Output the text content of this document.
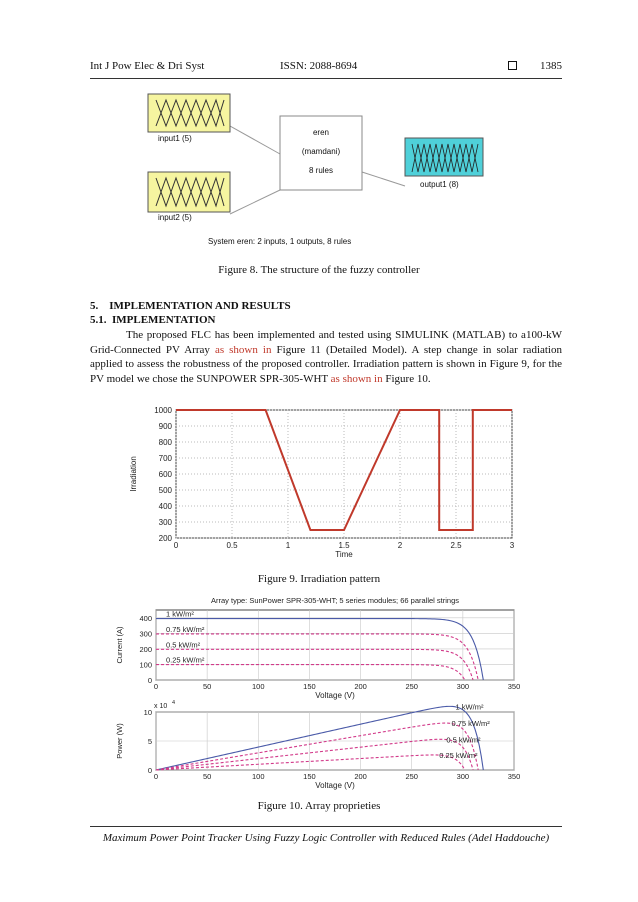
Int J Pow Elec & Dri Syst	ISSN: 2088-8694	1385
input1 (5)
input2 (5)
eren
(mamdani)
8 rules
output1 (8)
System eren: 2 inputs, 1 outputs, 8 rules
Figure 8. The structure of the fuzzy controller
5.    IMPLEMENTATION AND RESULTS
5.1.  IMPLEMENTATION
The proposed FLC has been implemented and tested using SIMULINK (MATLAB) to a100-kW Grid-Connected PV Array as shown in Figure 11 (Detailed Model). A step change in solar radiation applied to assess the robustness of the proposed controller. Irradiation pattern is shown in Figure 9, for the PV model we chose the SUNPOWER SPR-305-WHT as shown in Figure 10.
0	0.5	1	1.5	2	2.5	3
200
300
400
500
600
700
800
900
1000
Time
Irradiation
Figure 9. Irradiation pattern
Array type: SunPower SPR-305-WHT; 5 series modules; 66 parallel strings
0	50	100	150	200	250	300	350
0
100
200
300
400 1 kW/m²
0.75 kW/m²
0.5 kW/m²
0.25 kW/m²
Voltage (V)
Current (A)
x 10 4
0	50	100	150	200	250	300	350
0
5
10
1 kW/m²
0.75 kW/m²
0.5 kW/m²
0.25 kW/m²
Voltage (V)
Power (W)
Figure 10. Array proprieties
Maximum Power Point Tracker Using Fuzzy Logic Controller with Reduced Rules (Adel Haddouche)
